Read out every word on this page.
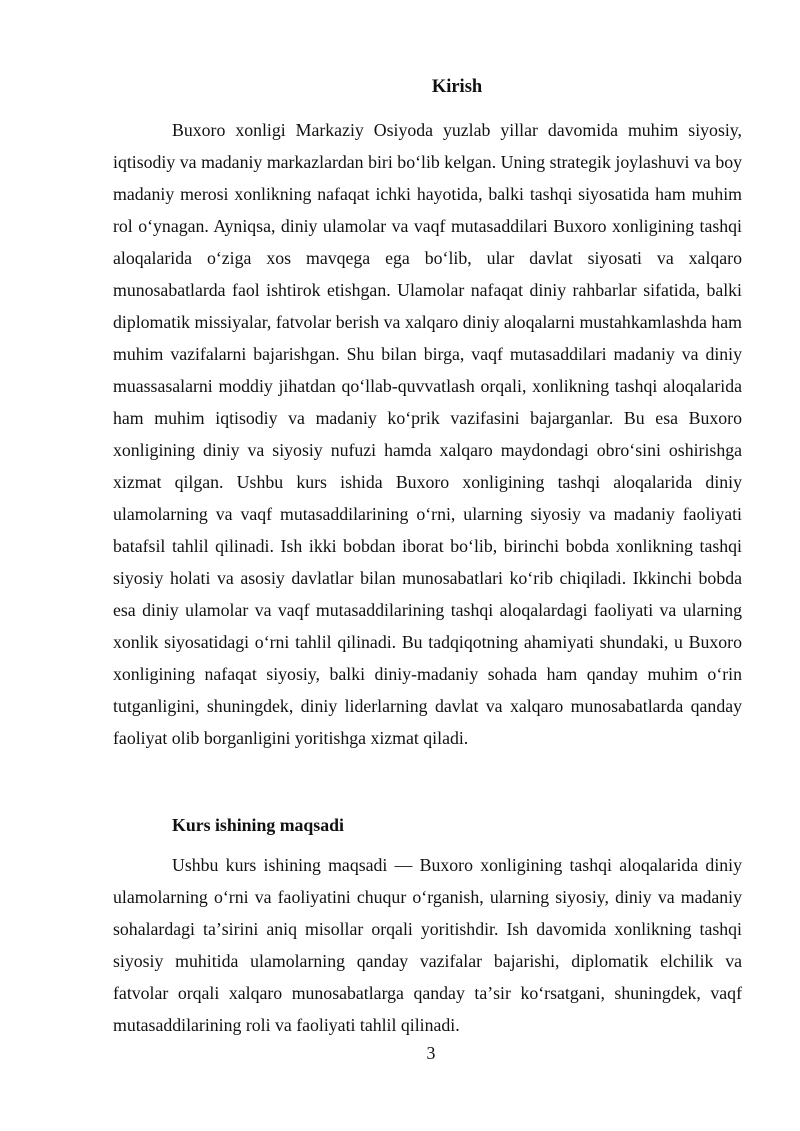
Kirish

Buxoro xonligi Markaziy Osiyoda yuzlab yillar davomida muhim siyosiy, iqtisodiy va madaniy markazlardan biri boʻlib kelgan. Uning strategik joylashuvi va boy madaniy merosi xonlikning nafaqat ichki hayotida, balki tashqi siyosatida ham muhim rol oʻynagan. Ayniqsa, diniy ulamolar va vaqf mutasaddilari Buxoro xonligining tashqi aloqalarida oʻziga xos mavqega ega boʻlib, ular davlat siyosati va xalqaro munosabatlarda faol ishtirok etishgan. Ulamolar nafaqat diniy rahbarlar sifatida, balki diplomatik missiyalar, fatvolar berish va xalqaro diniy aloqalarni mustahkamlashda ham muhim vazifalarni bajarishgan. Shu bilan birga, vaqf mutasaddilari madaniy va diniy muassasalarni moddiy jihatdan qoʻllab-quvvatlash orqali, xonlikning tashqi aloqalarida ham muhim iqtisodiy va madaniy koʻprik vazifasini bajarganlar. Bu esa Buxoro xonligining diniy va siyosiy nufuzi hamda xalqaro maydondagi obroʻsini oshirishga xizmat qilgan. Ushbu kurs ishida Buxoro xonligining tashqi aloqalarida diniy ulamolarning va vaqf mutasaddilarining oʻrni, ularning siyosiy va madaniy faoliyati batafsil tahlil qilinadi. Ish ikki bobdan iborat boʻlib, birinchi bobda xonlikning tashqi siyosiy holati va asosiy davlatlar bilan munosabatlari koʻrib chiqiladi. Ikkinchi bobda esa diniy ulamolar va vaqf mutasaddilarining tashqi aloqalardagi faoliyati va ularning xonlik siyosatidagi oʻrni tahlil qilinadi. Bu tadqiqotning ahamiyati shundaki, u Buxoro xonligining nafaqat siyosiy, balki diniy-madaniy sohada ham qanday muhim oʻrin tutganligini, shuningdek, diniy liderlarning davlat va xalqaro munosabatlarda qanday faoliyat olib borganligini yoritishga xizmat qiladi.

Kurs ishining maqsadi

Ushbu kurs ishining maqsadi — Buxoro xonligining tashqi aloqalarida diniy ulamolarning oʻrni va faoliyatini chuqur oʻrganish, ularning siyosiy, diniy va madaniy sohalardagi taʼsirini aniq misollar orqali yoritishdir. Ish davomida xonlikning tashqi siyosiy muhitida ulamolarning qanday vazifalar bajarishi, diplomatik elchilik va fatvolar orqali xalqaro munosabatlarga qanday taʼsir koʻrsatgani, shuningdek, vaqf mutasaddilarining roli va faoliyati tahlil qilinadi.

3
